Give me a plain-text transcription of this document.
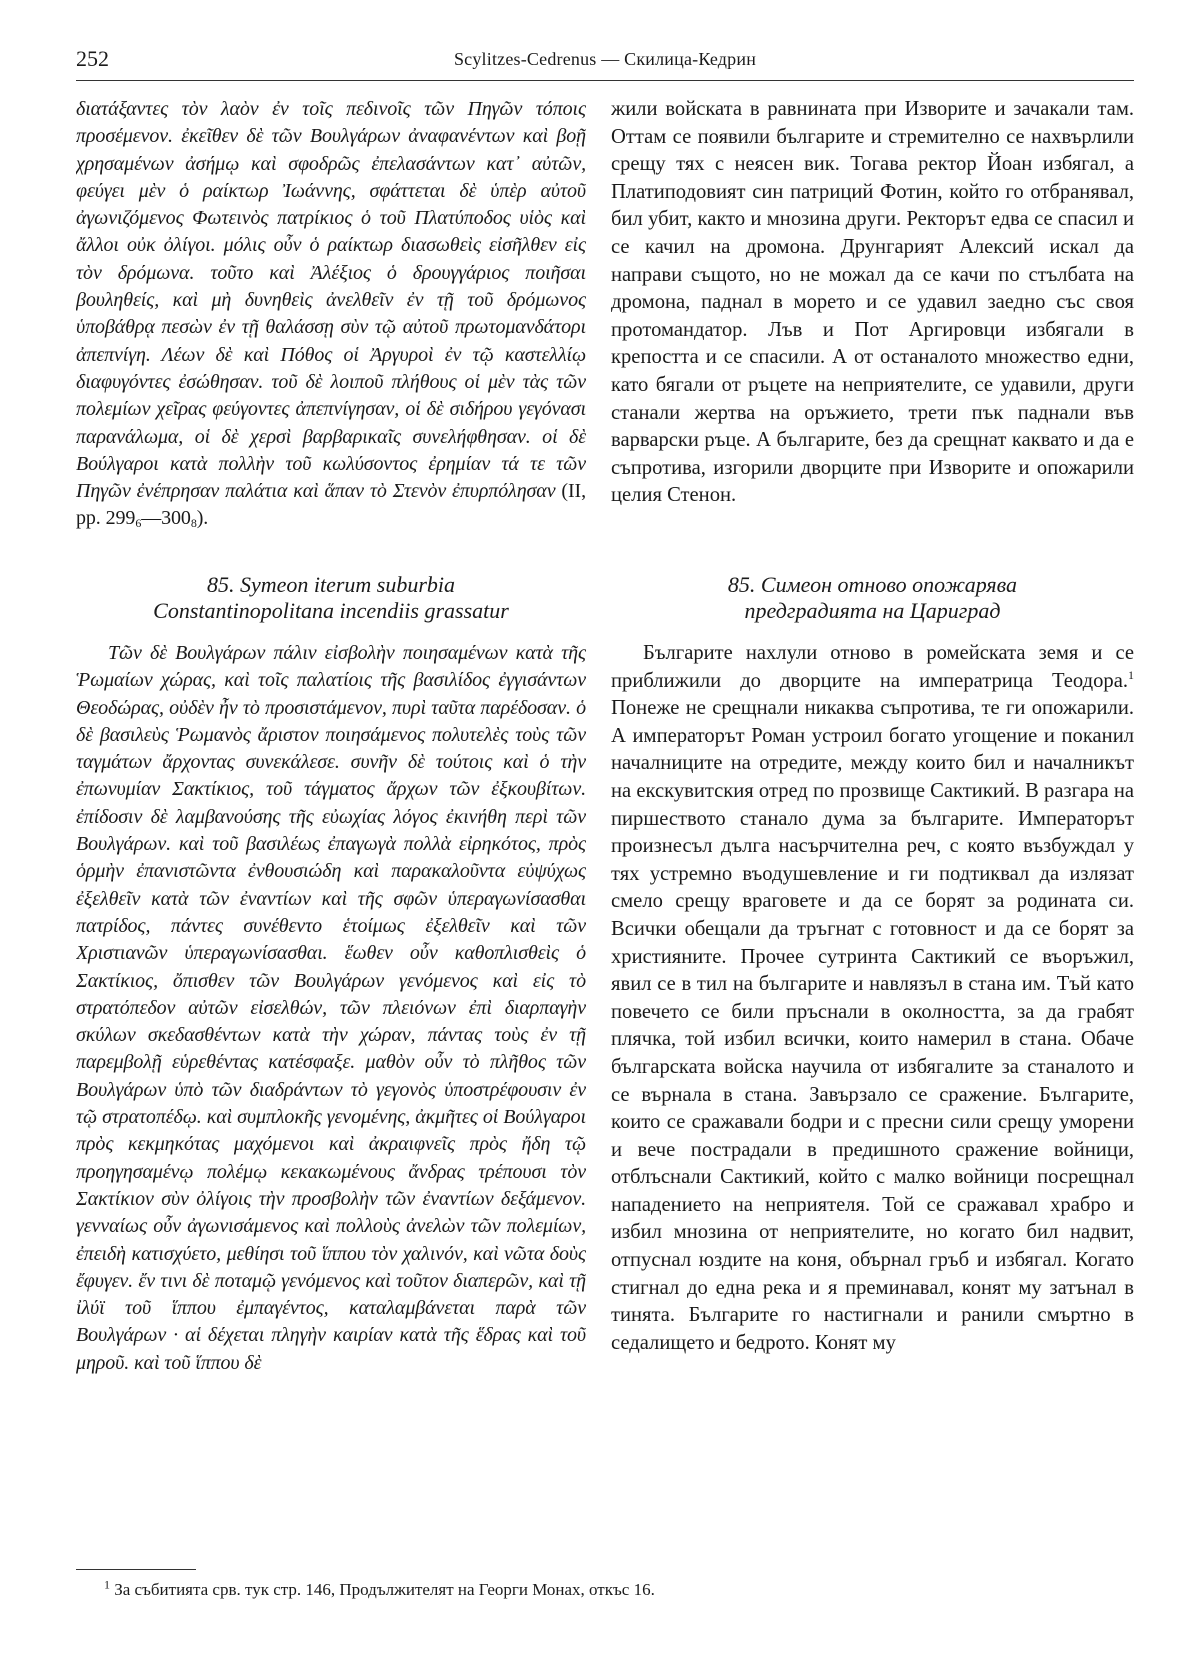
252	Scylitzes-Cedrenus — Скилица-Кедрин
διατάξαντες τὸν λαὸν ἐν τοῖς πεδινοῖς τῶν Πηγῶν τόποις προσέμενον. ἐκεῖθεν δὲ τῶν Βουλγάρων ἀναφανέντων καὶ βοῇ χρησαμένων ἀσήμῳ καὶ σφοδρῶς ἐπελασάντων κατ᾽ αὐτῶν, φεύγει μὲν ὁ ραίκτωρ Ἰωάννης, σφάττεται δὲ ὑπὲρ αὐτοῦ ἀγωνιζόμενος Φωτεινὸς πατρίκιος ὁ τοῦ Πλατύποδος υἱὸς καὶ ἄλλοι οὐκ ὀλίγοι. μόλις οὖν ὁ ραίκτωρ διασωθεὶς εἰσῆλθεν εἰς τὸν δρόμωνα. τοῦτο καὶ Ἀλέξιος ὁ δρουγγάριος ποιῆσαι βουληθείς, καὶ μὴ δυνηθεὶς ἀνελθεῖν ἐν τῇ τοῦ δρόμωνος ὑποβάθρᾳ πεσὼν ἐν τῇ θαλάσσῃ σὺν τῷ αὐτοῦ πρωτομανδάτορι ἀπεπνίγη. Λέων δὲ καὶ Πόθος οἱ Ἀργυροὶ ἐν τῷ καστελλίῳ διαφυγόντες ἐσώθησαν. τοῦ δὲ λοιποῦ πλήθους οἱ μὲν τὰς τῶν πολεμίων χεῖρας φεύγοντες ἀπεπνίγησαν, οἱ δὲ σιδήρου γεγόνασι παρανάλωμα, οἱ δὲ χερσὶ βαρβαρικαῖς συνελήφθησαν. οἱ δὲ Βούλγαροι κατὰ πολλὴν τοῦ κωλύσοντος ἐρημίαν τά τε τῶν Πηγῶν ἐνέπρησαν παλάτια καὶ ἅπαν τὸ Στενὸν ἐπυρπόλησαν (II, pp. $299_6—300_8$).
жили войската в равнината при Изворите и зачакали там. Оттам се появили българите и стремително се нахвърлили срещу тях с неясен вик. Тогава ректор Йоан избягал, а Платиподовият син патриций Фотин, който го отбранявал, бил убит, както и мнозина други. Ректорът едва се спасил и се качил на дромона. Друнгарият Алексий искал да направи същото, но не можал да се качи по стълбата на дромона, паднал в морето и се удавил заедно със своя протомандатор. Лъв и Пот Аргировци избягали в крепостта и се спасили. А от останалото множество едни, като бягали от ръцете на неприятелите, се удавили, други станали жертва на оръжието, трети пък паднали във варварски ръце. А българите, без да срещнат каквато и да е съпротива, изгорили дворците при Изворите и опожарили целия Стенон.
85. Symeon iterum suburbia
Constantinopolitana incendiis grassatur
85. Симеон отново опожарява
предградията на Цариград
Τῶν δὲ Βουλγάρων πάλιν εἰσβολὴν ποιησαμένων κατὰ τῆς Ῥωμαίων χώρας, καὶ τοῖς παλατίοις τῆς βασιλίδος ἐγγισάντων Θεοδώρας, οὐδὲν ἦν τὸ προσιστάμενον, πυρὶ ταῦτα παρέδοσαν. ὁ δὲ βασιλεὺς Ῥωμανὸς ἄριστον ποιησάμενος πολυτελὲς τοὺς τῶν ταγμάτων ἄρχοντας συνεκάλεσε. συνῆν δὲ τούτοις καὶ ὁ τὴν ἐπωνυμίαν Σακτίκιος, τοῦ τάγματος ἄρχων τῶν ἐξκουβίτων. ἐπίδοσιν δὲ λαμβανούσης τῆς εὐωχίας λόγος ἐκινήθη περὶ τῶν Βουλγάρων. καὶ τοῦ βασιλέως ἐπαγωγὰ πολλὰ εἰρηκότος, πρὸς ὁρμὴν ἐπανιστῶντα ἐνθουσιώδη καὶ παρακαλοῦντα εὐψύχως ἐξελθεῖν κατὰ τῶν ἐναντίων καὶ τῆς σφῶν ὑπεραγωνίσασθαι πατρίδος, πάντες συνέθεντο ἑτοίμως ἐξελθεῖν καὶ τῶν Χριστιανῶν ὑπεραγωνίσασθαι. ἕωθεν οὖν καθοπλισθεὶς ὁ Σακτίκιος, ὄπισθεν τῶν Βουλγάρων γενόμενος καὶ εἰς τὸ στρατόπεδον αὐτῶν εἰσελθών, τῶν πλειόνων ἐπὶ διαρπαγὴν σκύλων σκεδασθέντων κατὰ τὴν χώραν, πάντας τοὺς ἐν τῇ παρεμβολῇ εὑρεθέντας κατέσφαξε. μαθὸν οὖν τὸ πλῆθος τῶν Βουλγάρων ὑπὸ τῶν διαδράντων τὸ γεγονὸς ὑποστρέφουσιν ἐν τῷ στρατοπέδῳ. καὶ συμπλοκῆς γενομένης, ἀκμῆτες οἱ Βούλγαροι πρὸς κεκμηκότας μαχόμενοι καὶ ἀκραιφνεῖς πρὸς ἤδη τῷ προηγησαμένῳ πολέμῳ κεκακωμένους ἄνδρας τρέπουσι τὸν Σακτίκιον σὺν ὀλίγοις τὴν προσβολὴν τῶν ἐναντίων δεξάμενον. γενναίως οὖν ἀγωνισάμενος καὶ πολλοὺς ἀνελὼν τῶν πολεμίων, ἐπειδὴ κατισχύετο, μεθίησι τοῦ ἵππου τὸν χαλινόν, καὶ νῶτα δοὺς ἔφυγεν. ἔν τινι δὲ ποταμῷ γενόμενος καὶ τοῦτον διαπερῶν, καὶ τῇ ἰλύϊ τοῦ ἵππου ἐμπαγέντος, καταλαμβάνεται παρὰ τῶν Βουλγάρων · αἱ δέχεται πληγὴν καιρίαν κατὰ τῆς ἕδρας καὶ τοῦ μηροῦ. καὶ τοῦ ἵππου δὲ
Българите нахлули отново в ромейската земя и се приближили до дворците на императрица Теодора.$^1$ Понеже не срещнали никаква съпротива, те ги опожарили. А императорът Роман устроил богато угощение и поканил началниците на отредите, между които бил и началникът на екскувитския отред по прозвище Сактикий. В разгара на пиршеството станало дума за българите. Императорът произнесъл дълга насърчителна реч, с която възбуждал у тях устремно въодушевление и ги подтиквал да излязат смело срещу враговете и да се борят за родината си. Всички обещали да тръгнат с готовност и да се борят за християните. Прочее сутринта Сактикий се въоръжил, явил се в тил на българите и навлязъл в стана им. Тъй като повечето се били пръснали в околността, за да грабят плячка, той избил всички, които намерил в стана. Обаче българската войска научила от избягалите за станалото и се върнала в стана. Завързало се сражение. Българите, които се сражавали бодри и с пресни сили срещу уморени и вече пострадали в предишното сражение войници, отблъснали Сактикий, който с малко войници посрещнал нападението на неприятеля. Той се сражавал храбро и избил мнозина от неприятелите, но когато бил надвит, отпуснал юздите на коня, обърнал гръб и избягал. Когато стигнал до една река и я преминавал, конят му затънал в тинята. Българите го настигнали и ранили смъртно в седалището и бедрото. Конят му
$^1$ За събитията срв. тук стр. 146, Продължителят на Георги Монах, откъс 16.
